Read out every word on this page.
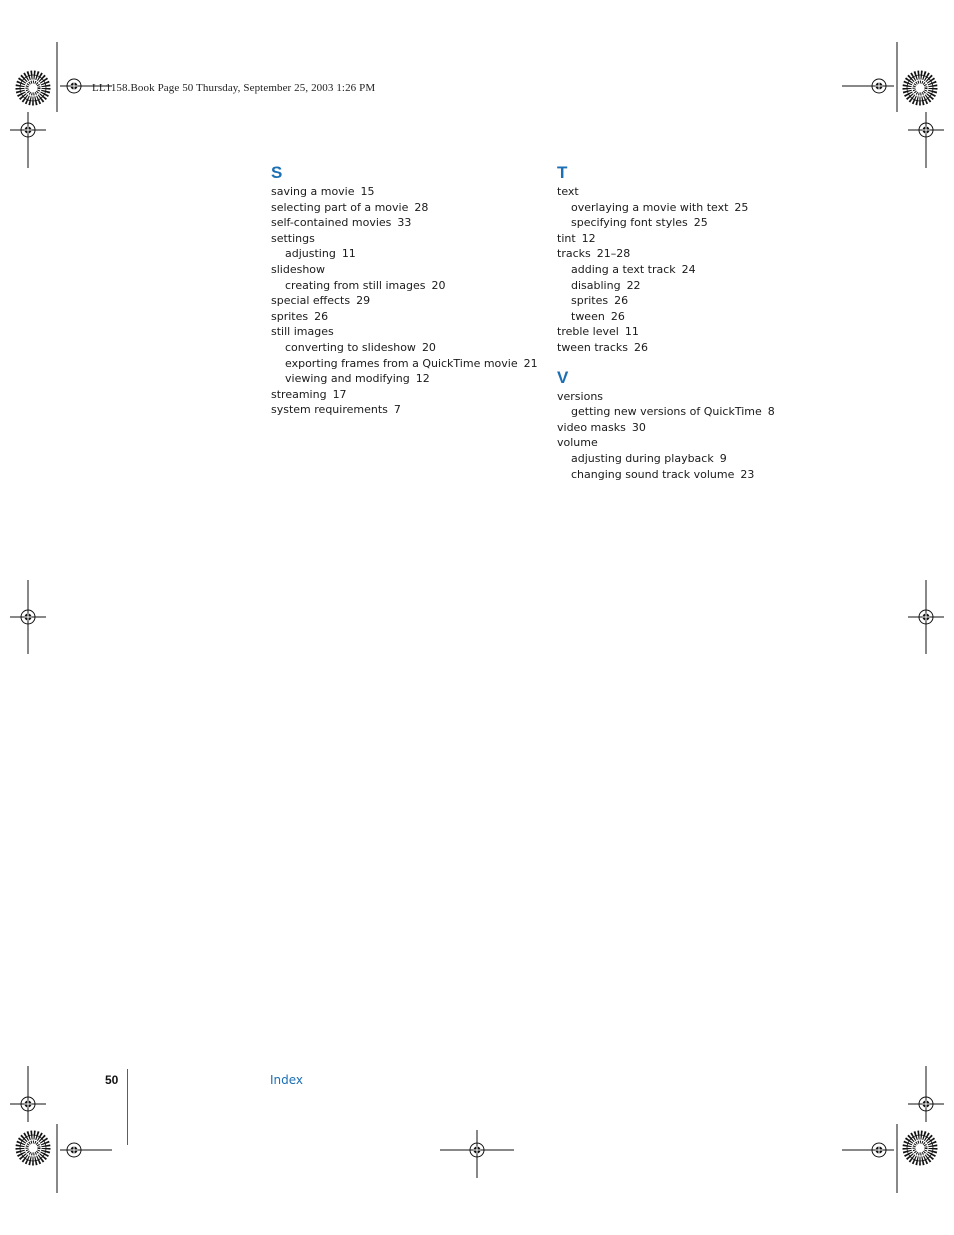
LL1158.Book Page 50 Thursday, September 25, 2003 1:26 PM
S
saving a movie 15
selecting part of a movie 28
self-contained movies 33
settings
adjusting 11
slideshow
creating from still images 20
special effects 29
sprites 26
still images
converting to slideshow 20
exporting frames from a QuickTime movie 21
viewing and modifying 12
streaming 17
system requirements 7
T
text
overlaying a movie with text 25
specifying font styles 25
tint 12
tracks 21–28
adding a text track 24
disabling 22
sprites 26
tween 26
treble level 11
tween tracks 26
V
versions
getting new versions of QuickTime 8
video masks 30
volume
adjusting during playback 9
changing sound track volume 23
50	Index
